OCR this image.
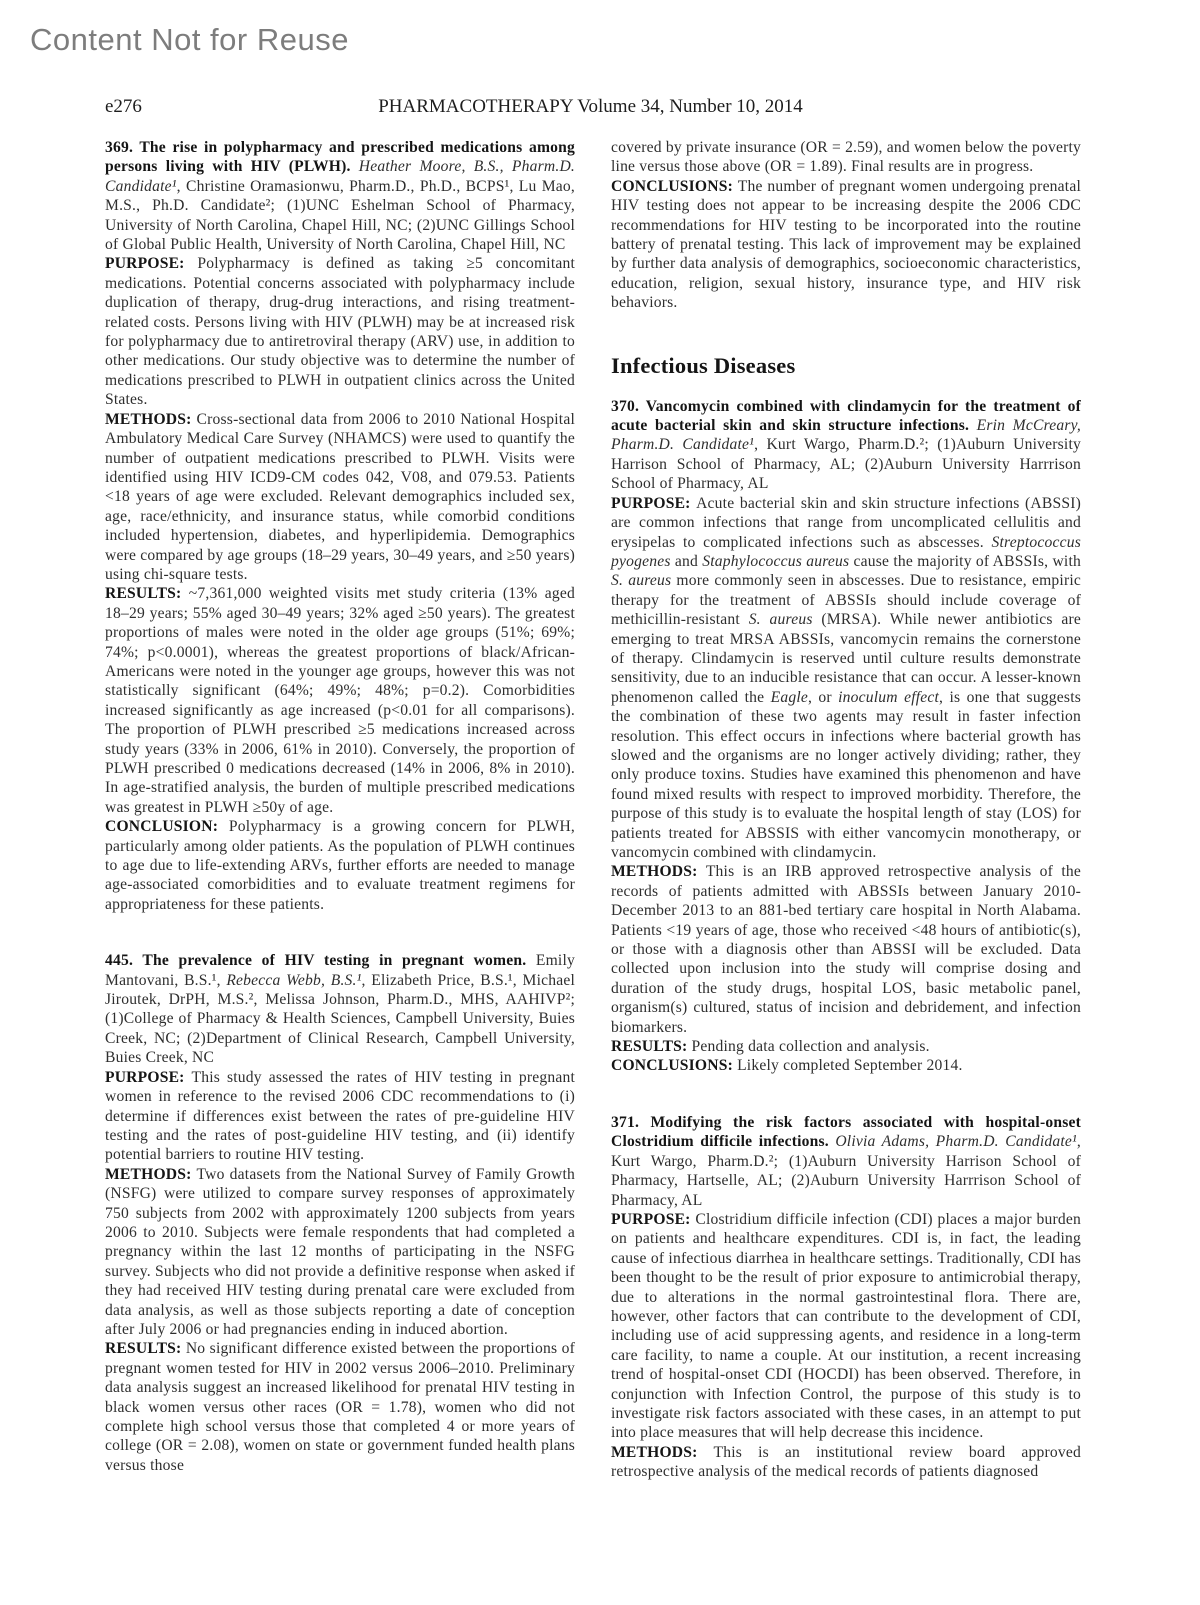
Content Not for Reuse
e276	PHARMACOTHERAPY Volume 34, Number 10, 2014

369. The rise in polypharmacy and prescribed medications among persons living with HIV (PLWH). Heather Moore, B.S., Pharm.D. Candidate¹, Christine Oramasionwu, Pharm.D., Ph.D., BCPS¹, Lu Mao, M.S., Ph.D. Candidate²; (1)UNC Eshelman School of Pharmacy, University of North Carolina, Chapel Hill, NC; (2)UNC Gillings School of Global Public Health, University of North Carolina, Chapel Hill, NC

PURPOSE: Polypharmacy is defined as taking ≥5 concomitant medications. Potential concerns associated with polypharmacy include duplication of therapy, drug-drug interactions, and rising treatment-related costs. Persons living with HIV (PLWH) may be at increased risk for polypharmacy due to antiretroviral therapy (ARV) use, in addition to other medications. Our study objective was to determine the number of medications prescribed to PLWH in outpatient clinics across the United States.

METHODS: Cross-sectional data from 2006 to 2010 National Hospital Ambulatory Medical Care Survey (NHAMCS) were used to quantify the number of outpatient medications prescribed to PLWH. Visits were identified using HIV ICD9-CM codes 042, V08, and 079.53. Patients <18 years of age were excluded. Relevant demographics included sex, age, race/ethnicity, and insurance status, while comorbid conditions included hypertension, diabetes, and hyperlipidemia. Demographics were compared by age groups (18–29 years, 30–49 years, and ≥50 years) using chi-square tests.

RESULTS: ~7,361,000 weighted visits met study criteria (13% aged 18–29 years; 55% aged 30–49 years; 32% aged ≥50 years). The greatest proportions of males were noted in the older age groups (51%; 69%; 74%; p<0.0001), whereas the greatest proportions of black/African-Americans were noted in the younger age groups, however this was not statistically significant (64%; 49%; 48%; p=0.2). Comorbidities increased significantly as age increased (p<0.01 for all comparisons). The proportion of PLWH prescribed ≥5 medications increased across study years (33% in 2006, 61% in 2010). Conversely, the proportion of PLWH prescribed 0 medications decreased (14% in 2006, 8% in 2010). In age-stratified analysis, the burden of multiple prescribed medications was greatest in PLWH ≥50y of age.

CONCLUSION: Polypharmacy is a growing concern for PLWH, particularly among older patients. As the population of PLWH continues to age due to life-extending ARVs, further efforts are needed to manage age-associated comorbidities and to evaluate treatment regimens for appropriateness for these patients.

445. The prevalence of HIV testing in pregnant women. Emily Mantovani, B.S.¹, Rebecca Webb, B.S.¹, Elizabeth Price, B.S.¹, Michael Jiroutek, DrPH, M.S.², Melissa Johnson, Pharm.D., MHS, AAHIVP²; (1)College of Pharmacy & Health Sciences, Campbell University, Buies Creek, NC; (2)Department of Clinical Research, Campbell University, Buies Creek, NC

PURPOSE: This study assessed the rates of HIV testing in pregnant women in reference to the revised 2006 CDC recommendations to (i) determine if differences exist between the rates of pre-guideline HIV testing and the rates of post-guideline HIV testing, and (ii) identify potential barriers to routine HIV testing.

METHODS: Two datasets from the National Survey of Family Growth (NSFG) were utilized to compare survey responses of approximately 750 subjects from 2002 with approximately 1200 subjects from years 2006 to 2010. Subjects were female respondents that had completed a pregnancy within the last 12 months of participating in the NSFG survey. Subjects who did not provide a definitive response when asked if they had received HIV testing during prenatal care were excluded from data analysis, as well as those subjects reporting a date of conception after July 2006 or had pregnancies ending in induced abortion.

RESULTS: No significant difference existed between the proportions of pregnant women tested for HIV in 2002 versus 2006–2010. Preliminary data analysis suggest an increased likelihood for prenatal HIV testing in black women versus other races (OR = 1.78), women who did not complete high school versus those that completed 4 or more years of college (OR = 2.08), women on state or government funded health plans versus those

covered by private insurance (OR = 2.59), and women below the poverty line versus those above (OR = 1.89). Final results are in progress.

CONCLUSIONS: The number of pregnant women undergoing prenatal HIV testing does not appear to be increasing despite the 2006 CDC recommendations for HIV testing to be incorporated into the routine battery of prenatal testing. This lack of improvement may be explained by further data analysis of demographics, socioeconomic characteristics, education, religion, sexual history, insurance type, and HIV risk behaviors.

Infectious Diseases

370. Vancomycin combined with clindamycin for the treatment of acute bacterial skin and skin structure infections. Erin McCreary, Pharm.D. Candidate¹, Kurt Wargo, Pharm.D.²; (1)Auburn University Harrison School of Pharmacy, AL; (2)Auburn University Harrrison School of Pharmacy, AL

PURPOSE: Acute bacterial skin and skin structure infections (ABSSI) are common infections that range from uncomplicated cellulitis and erysipelas to complicated infections such as abscesses. Streptococcus pyogenes and Staphylococcus aureus cause the majority of ABSSIs, with S. aureus more commonly seen in abscesses. Due to resistance, empiric therapy for the treatment of ABSSIs should include coverage of methicillin-resistant S. aureus (MRSA). While newer antibiotics are emerging to treat MRSA ABSSIs, vancomycin remains the cornerstone of therapy. Clindamycin is reserved until culture results demonstrate sensitivity, due to an inducible resistance that can occur. A lesser-known phenomenon called the Eagle, or inoculum effect, is one that suggests the combination of these two agents may result in faster infection resolution. This effect occurs in infections where bacterial growth has slowed and the organisms are no longer actively dividing; rather, they only produce toxins. Studies have examined this phenomenon and have found mixed results with respect to improved morbidity. Therefore, the purpose of this study is to evaluate the hospital length of stay (LOS) for patients treated for ABSSIS with either vancomycin monotherapy, or vancomycin combined with clindamycin.

METHODS: This is an IRB approved retrospective analysis of the records of patients admitted with ABSSIs between January 2010-December 2013 to an 881-bed tertiary care hospital in North Alabama. Patients <19 years of age, those who received <48 hours of antibiotic(s), or those with a diagnosis other than ABSSI will be excluded. Data collected upon inclusion into the study will comprise dosing and duration of the study drugs, hospital LOS, basic metabolic panel, organism(s) cultured, status of incision and debridement, and infection biomarkers.

RESULTS: Pending data collection and analysis.

CONCLUSIONS: Likely completed September 2014.

371. Modifying the risk factors associated with hospital-onset Clostridium difficile infections. Olivia Adams, Pharm.D. Candidate¹, Kurt Wargo, Pharm.D.²; (1)Auburn University Harrison School of Pharmacy, Hartselle, AL; (2)Auburn University Harrrison School of Pharmacy, AL

PURPOSE: Clostridium difficile infection (CDI) places a major burden on patients and healthcare expenditures. CDI is, in fact, the leading cause of infectious diarrhea in healthcare settings. Traditionally, CDI has been thought to be the result of prior exposure to antimicrobial therapy, due to alterations in the normal gastrointestinal flora. There are, however, other factors that can contribute to the development of CDI, including use of acid suppressing agents, and residence in a long-term care facility, to name a couple. At our institution, a recent increasing trend of hospital-onset CDI (HOCDI) has been observed. Therefore, in conjunction with Infection Control, the purpose of this study is to investigate risk factors associated with these cases, in an attempt to put into place measures that will help decrease this incidence.

METHODS: This is an institutional review board approved retrospective analysis of the medical records of patients diagnosed
